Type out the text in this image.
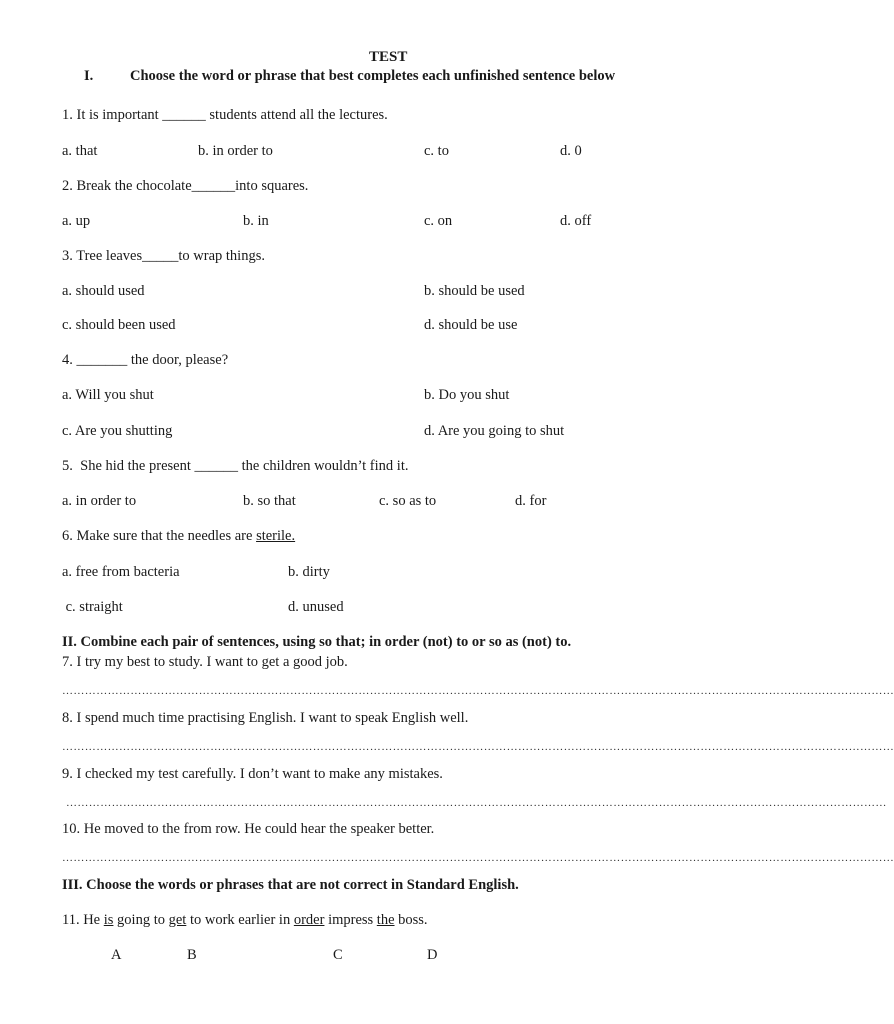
TEST
I.	Choose the word or phrase that best completes each unfinished sentence below
1. It is important ______ students attend all the lectures.
a. that	b. in order to	c. to	d. 0
2. Break the chocolate______into squares.
a. up	b. in	c. on	d. off
3. Tree leaves_____to wrap things.
a. should used	b. should be used
c. should been used	d. should be use
4. _______ the door, please?
a. Will you shut	b. Do you shut
c. Are you shutting	d. Are you going to shut
5.  She hid the present ______ the children wouldn’t find it.
a. in order to	b. so that	c. so as to	d. for
6. Make sure that the needles are sterile.
a. free from bacteria	b. dirty
c. straight	d. unused
II. Combine each pair of sentences, using so that; in order (not) to or so as (not) to.
7. I try my best to study. I want to get a good job.
…………………………………………………………………………………………………………………………………………………………………………………………………
8. I spend much time practising English. I want to speak English well.
…………………………………………………………………………………………………………………………………………………………………………………………………
9. I checked my test carefully. I don’t want to make any mistakes.
………………………………………………………………………………………………………………………………………………………………………………………………
10. He moved to the from row. He could hear the speaker better.
…………………………………………………………………………………………………………………………………………………………………………………………………
III. Choose the words or phrases that are not correct in Standard English.
11. He is going to get to work earlier in order impress the boss.
A	B	C	D
